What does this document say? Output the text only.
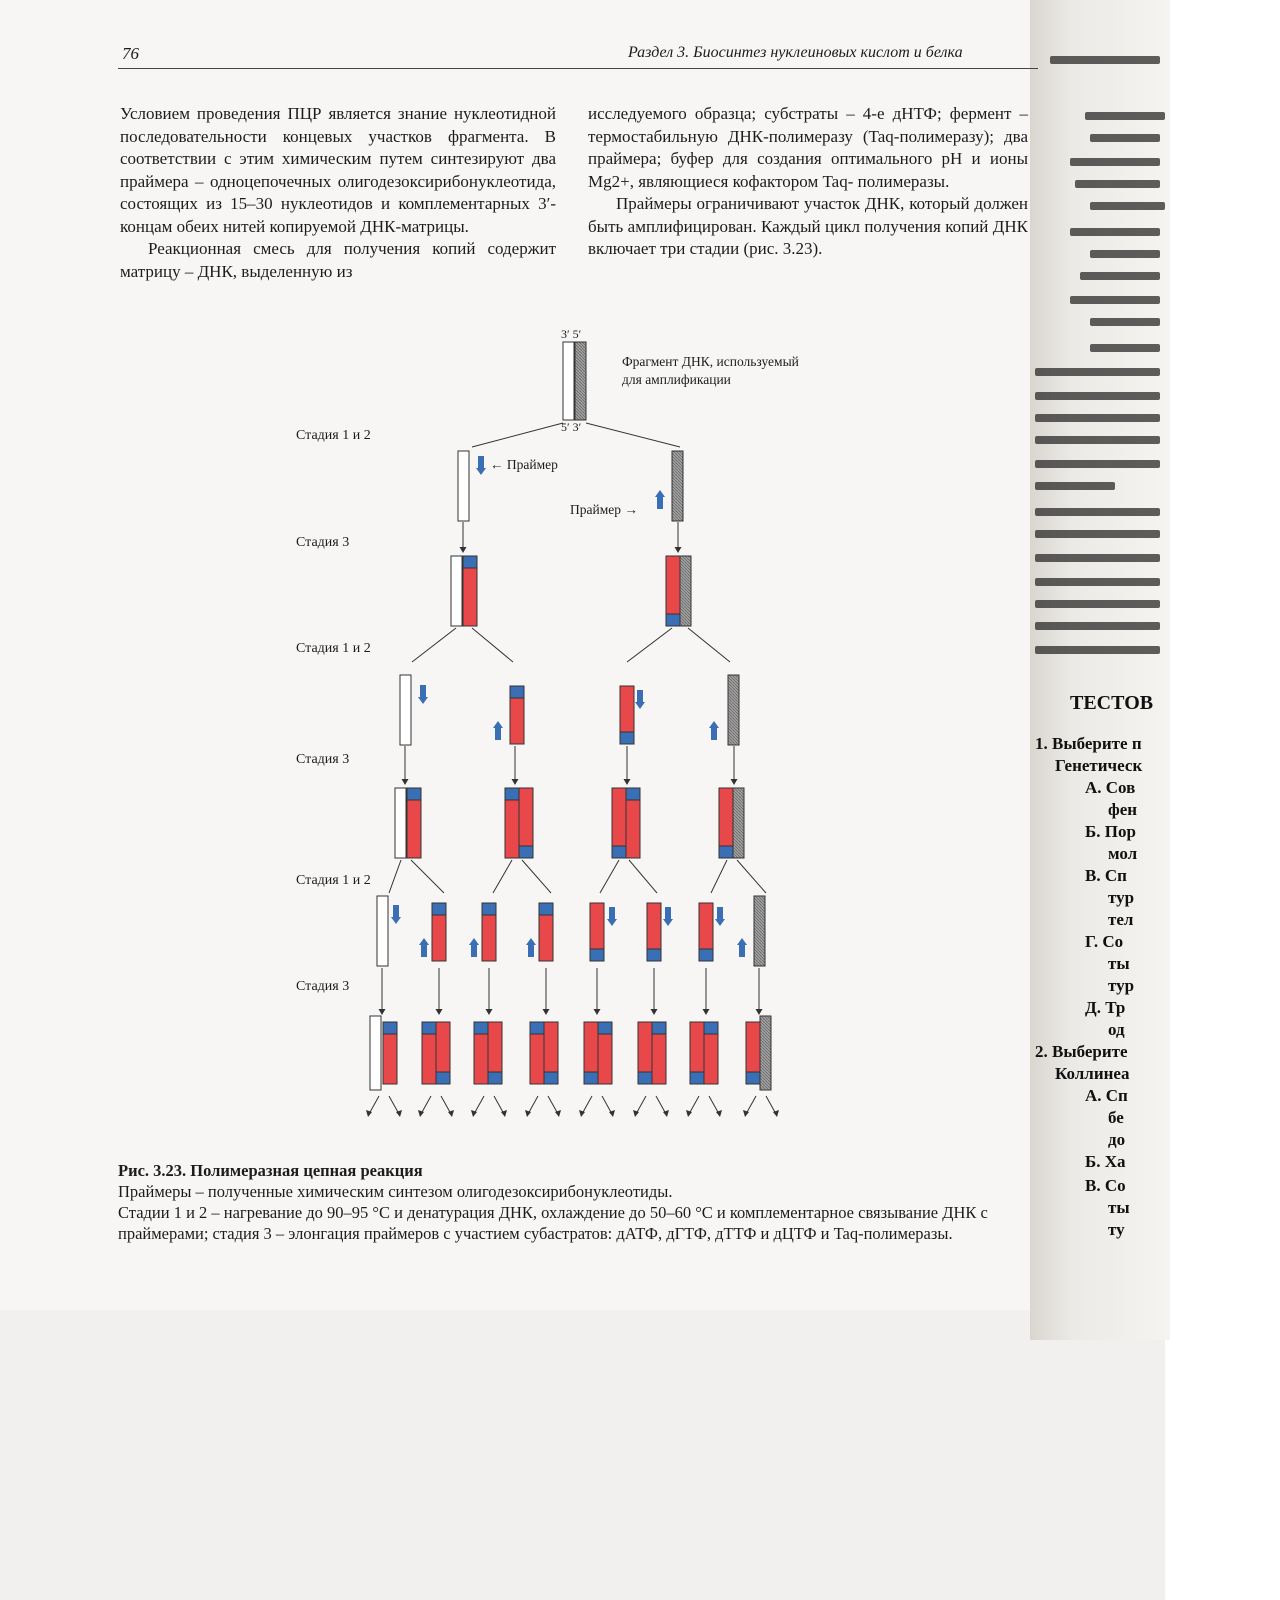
ТЕСТОВ
1. Выберите п
Генетическ
А. Сов
фен
Б. Пор
мол
В. Сп
тур
тел
Г. Со
ты
тур
Д. Тр
од
2. Выберите
Коллинеа
А. Сп
бе
до
Б. Ха
В. Со
ты
ту
76	Раздел 3. Биосинтез нуклеиновых кислот и белка

Условием проведения ПЦР является знание нуклеотидной последовательности концевых участков фрагмента. В соответствии с этим химическим путем синтезируют два праймера – одноцепочечных олигодезоксирибонуклеотида, состоящих из 15–30 нуклеотидов и комплементарных 3′-концам обеих нитей копируемой ДНК-матрицы.

Реакционная смесь для получения копий содержит матрицу – ДНК, выделенную из

исследуемого образца; субстраты – 4-е дНТФ; фермент – термостабильную ДНК-полимеразу (Taq-полимеразу); два праймера; буфер для создания оптимального pH и ионы Mg2+, являющиеся кофактором Taq- полимеразы.

Праймеры ограничивают участок ДНК, который должен быть амплифицирован. Каждый цикл получения копий ДНК включает три стадии (рис. 3.23).

Фрагмент ДНК, используемый
для амплификации
3′ 5′
5′ 3′
← Праймер
Праймер →
Стадия 1 и 2
Стадия 3
Стадия 1 и 2
Стадия 3
Стадия 1 и 2
Стадия 3

Рис. 3.23. Полимеразная цепная реакция

Праймеры – полученные химическим синтезом олигодезоксирибонуклеотиды.

Стадии 1 и 2 – нагревание до 90–95 °С и денатурация ДНК, охлаждение до 50–60 °С и комплементарное связывание ДНК с праймерами; стадия 3 – элонгация праймеров с участием субастратов: дАТФ, дГТФ, дТТФ и дЦТФ и Taq-полимеразы.
